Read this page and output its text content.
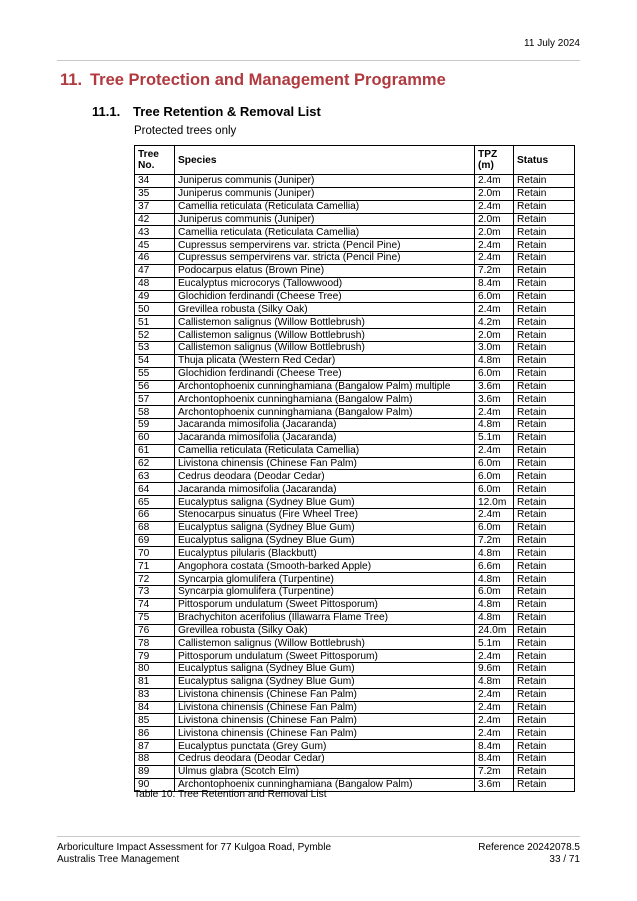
11 July 2024
11. Tree Protection and Management Programme
11.1. Tree Retention & Removal List
Protected trees only
Tree No.	Species	TPZ (m)	Status
34	Juniperus communis (Juniper)	2.4m	Retain
35	Juniperus communis (Juniper)	2.0m	Retain
37	Camellia reticulata (Reticulata Camellia)	2.4m	Retain
42	Juniperus communis (Juniper)	2.0m	Retain
43	Camellia reticulata (Reticulata Camellia)	2.0m	Retain
45	Cupressus sempervirens var. stricta (Pencil Pine)	2.4m	Retain
46	Cupressus sempervirens var. stricta (Pencil Pine)	2.4m	Retain
47	Podocarpus elatus (Brown Pine)	7.2m	Retain
48	Eucalyptus microcorys (Tallowwood)	8.4m	Retain
49	Glochidion ferdinandi (Cheese Tree)	6.0m	Retain
50	Grevillea robusta (Silky Oak)	2.4m	Retain
51	Callistemon salignus (Willow Bottlebrush)	4.2m	Retain
52	Callistemon salignus (Willow Bottlebrush)	2.0m	Retain
53	Callistemon salignus (Willow Bottlebrush)	3.0m	Retain
54	Thuja plicata (Western Red Cedar)	4.8m	Retain
55	Glochidion ferdinandi (Cheese Tree)	6.0m	Retain
56	Archontophoenix cunninghamiana (Bangalow Palm) multiple	3.6m	Retain
57	Archontophoenix cunninghamiana (Bangalow Palm)	3.6m	Retain
58	Archontophoenix cunninghamiana (Bangalow Palm)	2.4m	Retain
59	Jacaranda mimosifolia (Jacaranda)	4.8m	Retain
60	Jacaranda mimosifolia (Jacaranda)	5.1m	Retain
61	Camellia reticulata (Reticulata Camellia)	2.4m	Retain
62	Livistona chinensis (Chinese Fan Palm)	6.0m	Retain
63	Cedrus deodara (Deodar Cedar)	6.0m	Retain
64	Jacaranda mimosifolia (Jacaranda)	6.0m	Retain
65	Eucalyptus saligna (Sydney Blue Gum)	12.0m	Retain
66	Stenocarpus sinuatus (Fire Wheel Tree)	2.4m	Retain
68	Eucalyptus saligna (Sydney Blue Gum)	6.0m	Retain
69	Eucalyptus saligna (Sydney Blue Gum)	7.2m	Retain
70	Eucalyptus pilularis (Blackbutt)	4.8m	Retain
71	Angophora costata (Smooth-barked Apple)	6.6m	Retain
72	Syncarpia glomulifera (Turpentine)	4.8m	Retain
73	Syncarpia glomulifera (Turpentine)	6.0m	Retain
74	Pittosporum undulatum (Sweet Pittosporum)	4.8m	Retain
75	Brachychiton acerifolius (Illawarra Flame Tree)	4.8m	Retain
76	Grevillea robusta (Silky Oak)	24.0m	Retain
78	Callistemon salignus (Willow Bottlebrush)	5.1m	Retain
79	Pittosporum undulatum (Sweet Pittosporum)	2.4m	Retain
80	Eucalyptus saligna (Sydney Blue Gum)	9.6m	Retain
81	Eucalyptus saligna (Sydney Blue Gum)	4.8m	Retain
83	Livistona chinensis (Chinese Fan Palm)	2.4m	Retain
84	Livistona chinensis (Chinese Fan Palm)	2.4m	Retain
85	Livistona chinensis (Chinese Fan Palm)	2.4m	Retain
86	Livistona chinensis (Chinese Fan Palm)	2.4m	Retain
87	Eucalyptus punctata (Grey Gum)	8.4m	Retain
88	Cedrus deodara (Deodar Cedar)	8.4m	Retain
89	Ulmus glabra (Scotch Elm)	7.2m	Retain
90	Archontophoenix cunninghamiana (Bangalow Palm)	3.6m	Retain
Table 10. Tree Retention and Removal List
Arboriculture Impact Assessment for 77 Kulgoa Road, Pymble
Australis Tree Management
Reference 20242078.5
33 / 71
